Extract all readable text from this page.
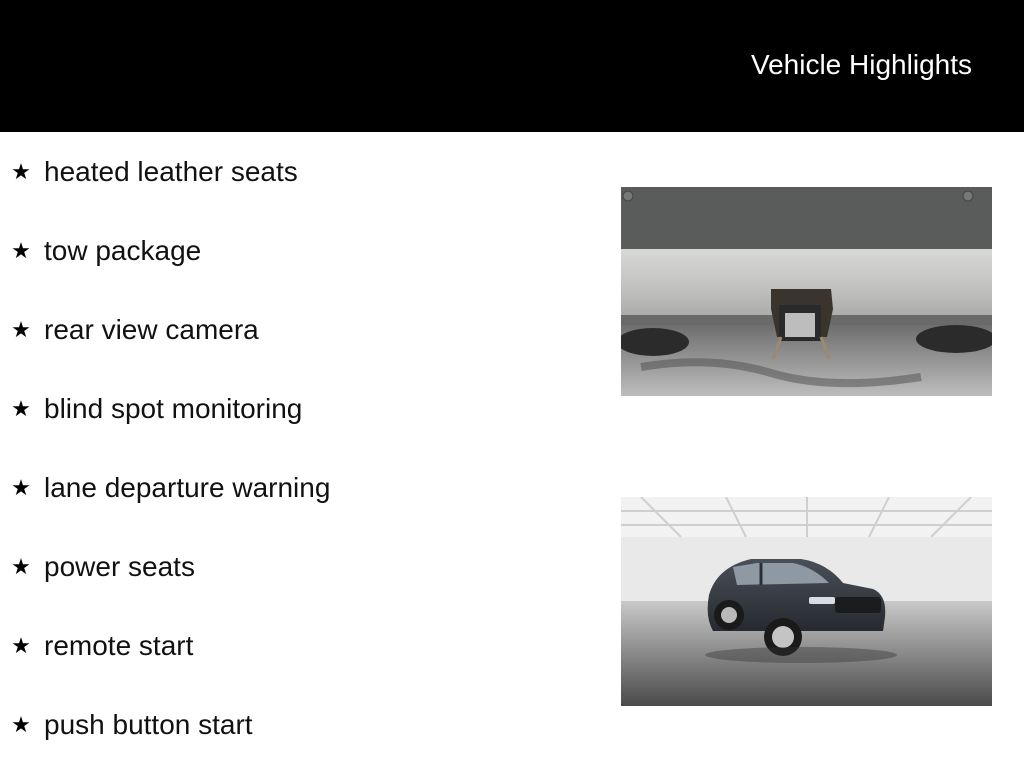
Vehicle Highlights
★ heated leather seats
★ tow package
★ rear view camera
★ blind spot monitoring
★ lane departure warning
★ power seats
★ remote start
★ push button start
